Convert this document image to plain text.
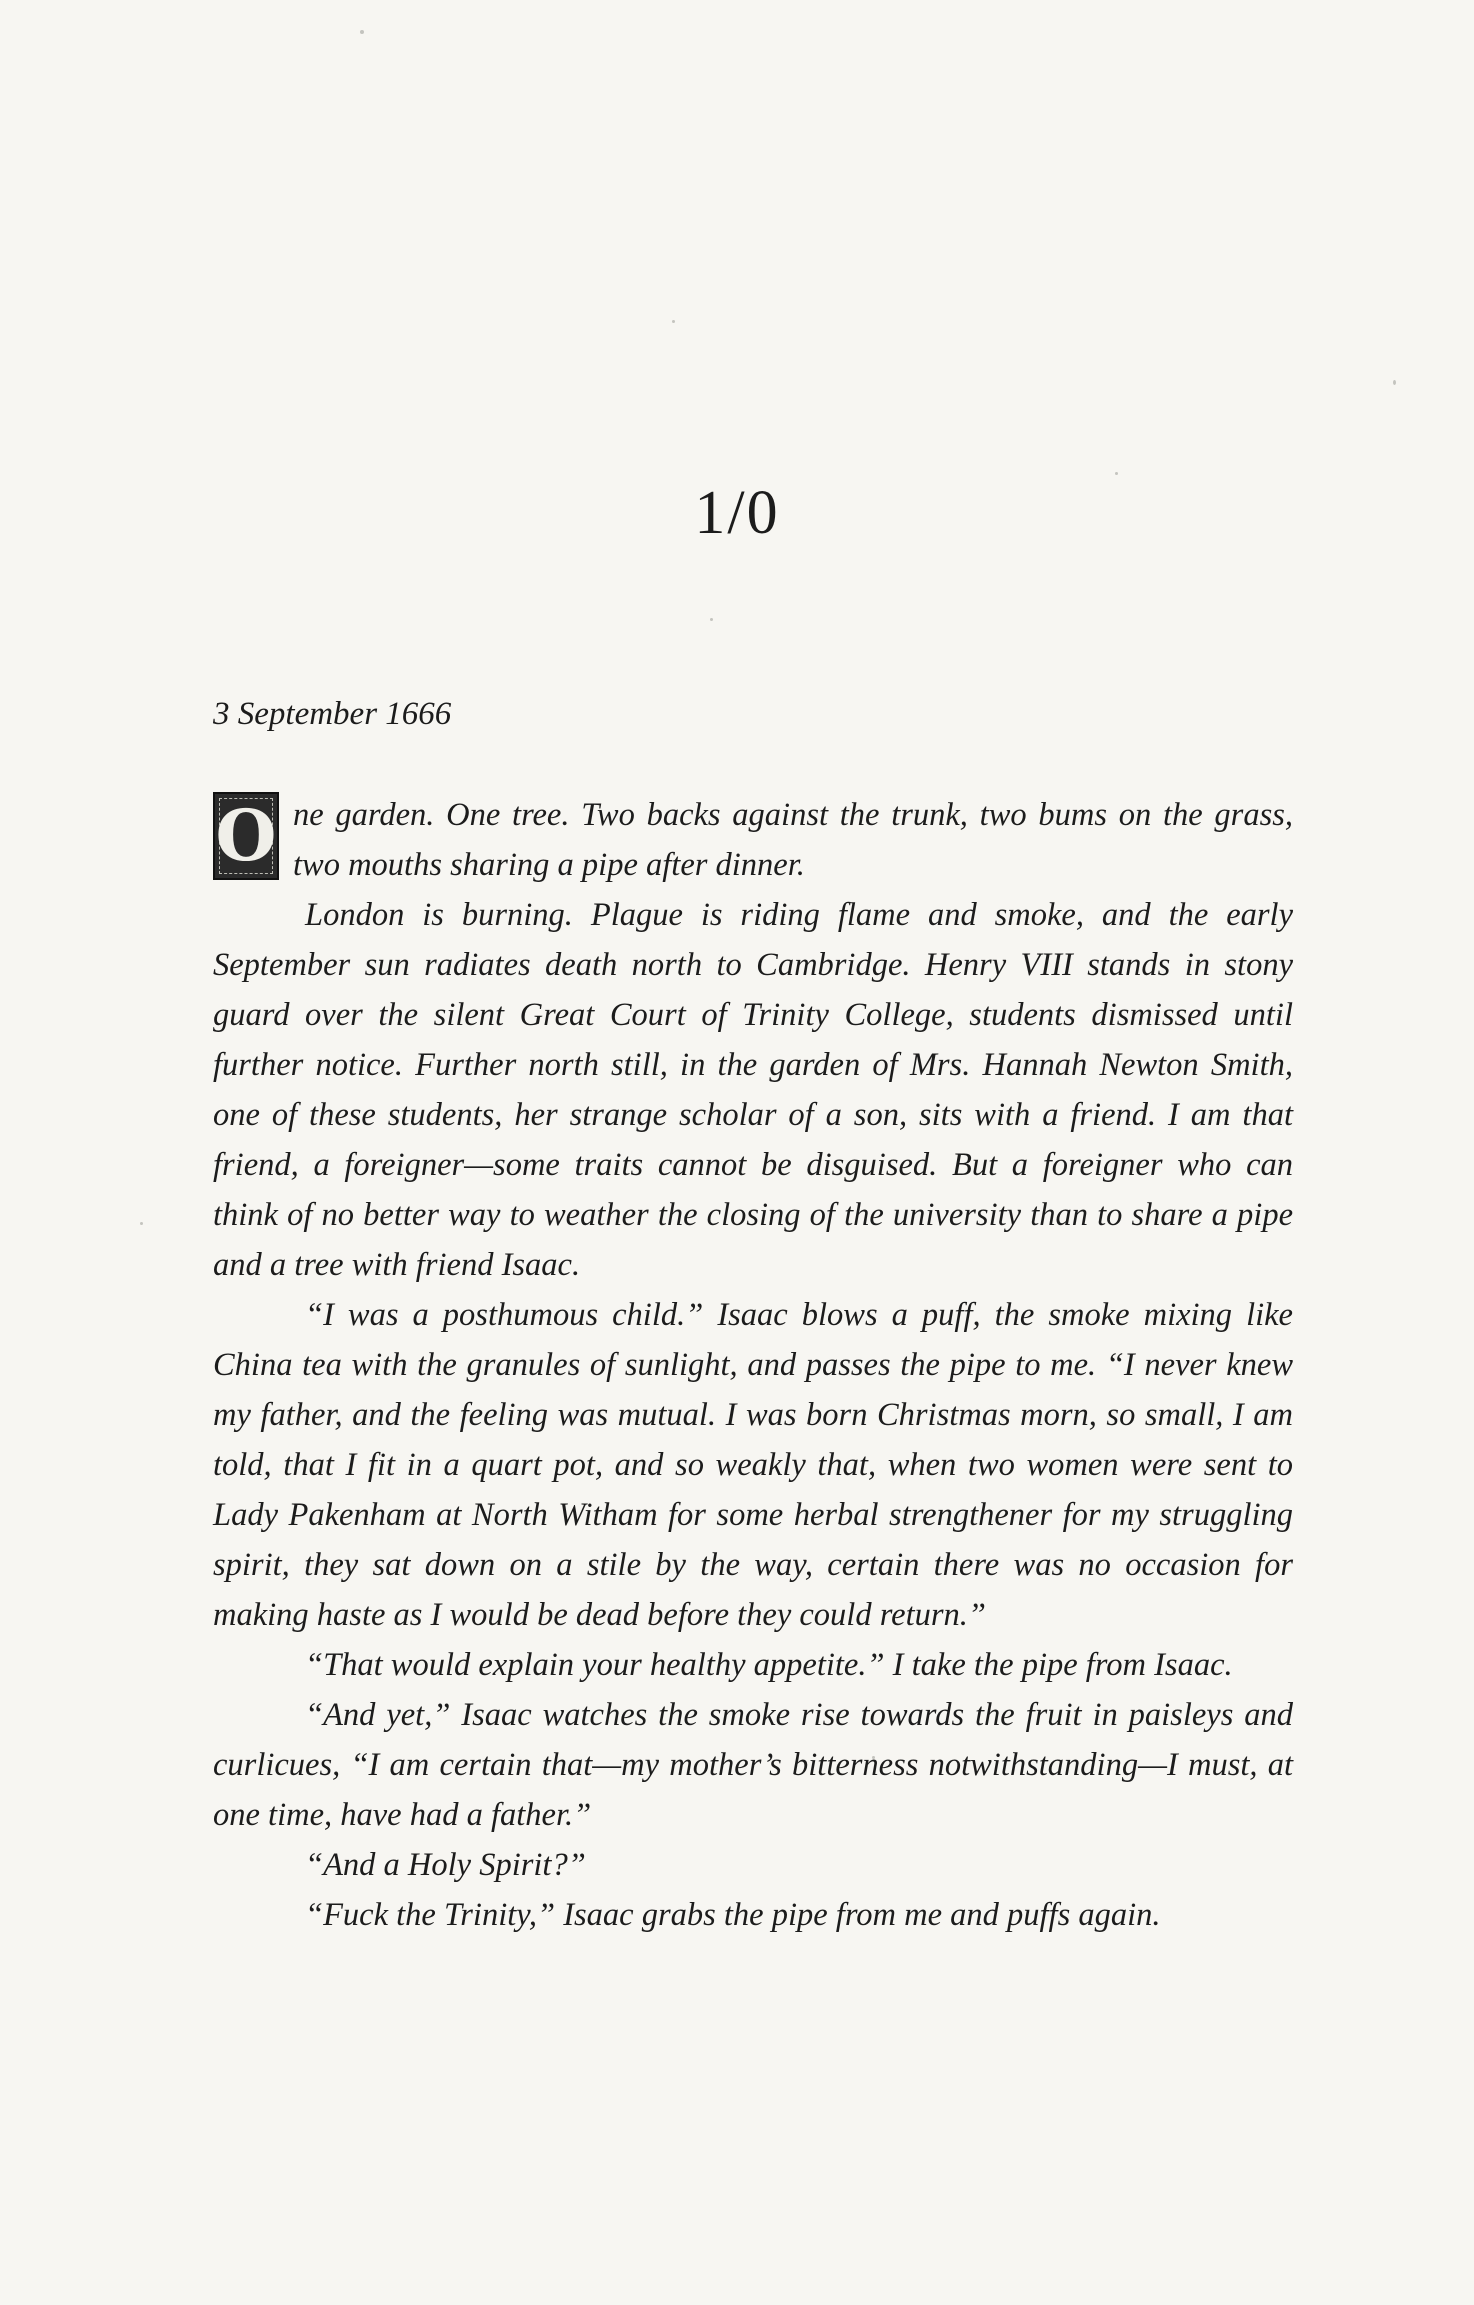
1/0

3 September 1666

O ne garden. One tree. Two backs against the trunk, two bums on the grass, two mouths sharing a pipe after dinner.

London is burning. Plague is riding flame and smoke, and the early September sun radiates death north to Cambridge. Henry VIII stands in stony guard over the silent Great Court of Trinity College, students dismissed until further notice. Further north still, in the garden of Mrs. Hannah Newton Smith, one of these students, her strange scholar of a son, sits with a friend. I am that friend, a foreigner—some traits cannot be disguised. But a foreigner who can think of no better way to weather the closing of the university than to share a pipe and a tree with friend Isaac.

“I was a posthumous child.” Isaac blows a puff, the smoke mixing like China tea with the granules of sunlight, and passes the pipe to me. “I never knew my father, and the feeling was mutual. I was born Christmas morn, so small, I am told, that I fit in a quart pot, and so weakly that, when two women were sent to Lady Pakenham at North Witham for some herbal strengthener for my struggling spirit, they sat down on a stile by the way, certain there was no occasion for making haste as I would be dead before they could return.”

“That would explain your healthy appetite.” I take the pipe from Isaac.

“And yet,” Isaac watches the smoke rise towards the fruit in paisleys and curlicues, “I am certain that—my mother’s bitterness notwithstanding—I must, at one time, have had a father.”

“And a Holy Spirit?”

“Fuck the Trinity,” Isaac grabs the pipe from me and puffs again.
